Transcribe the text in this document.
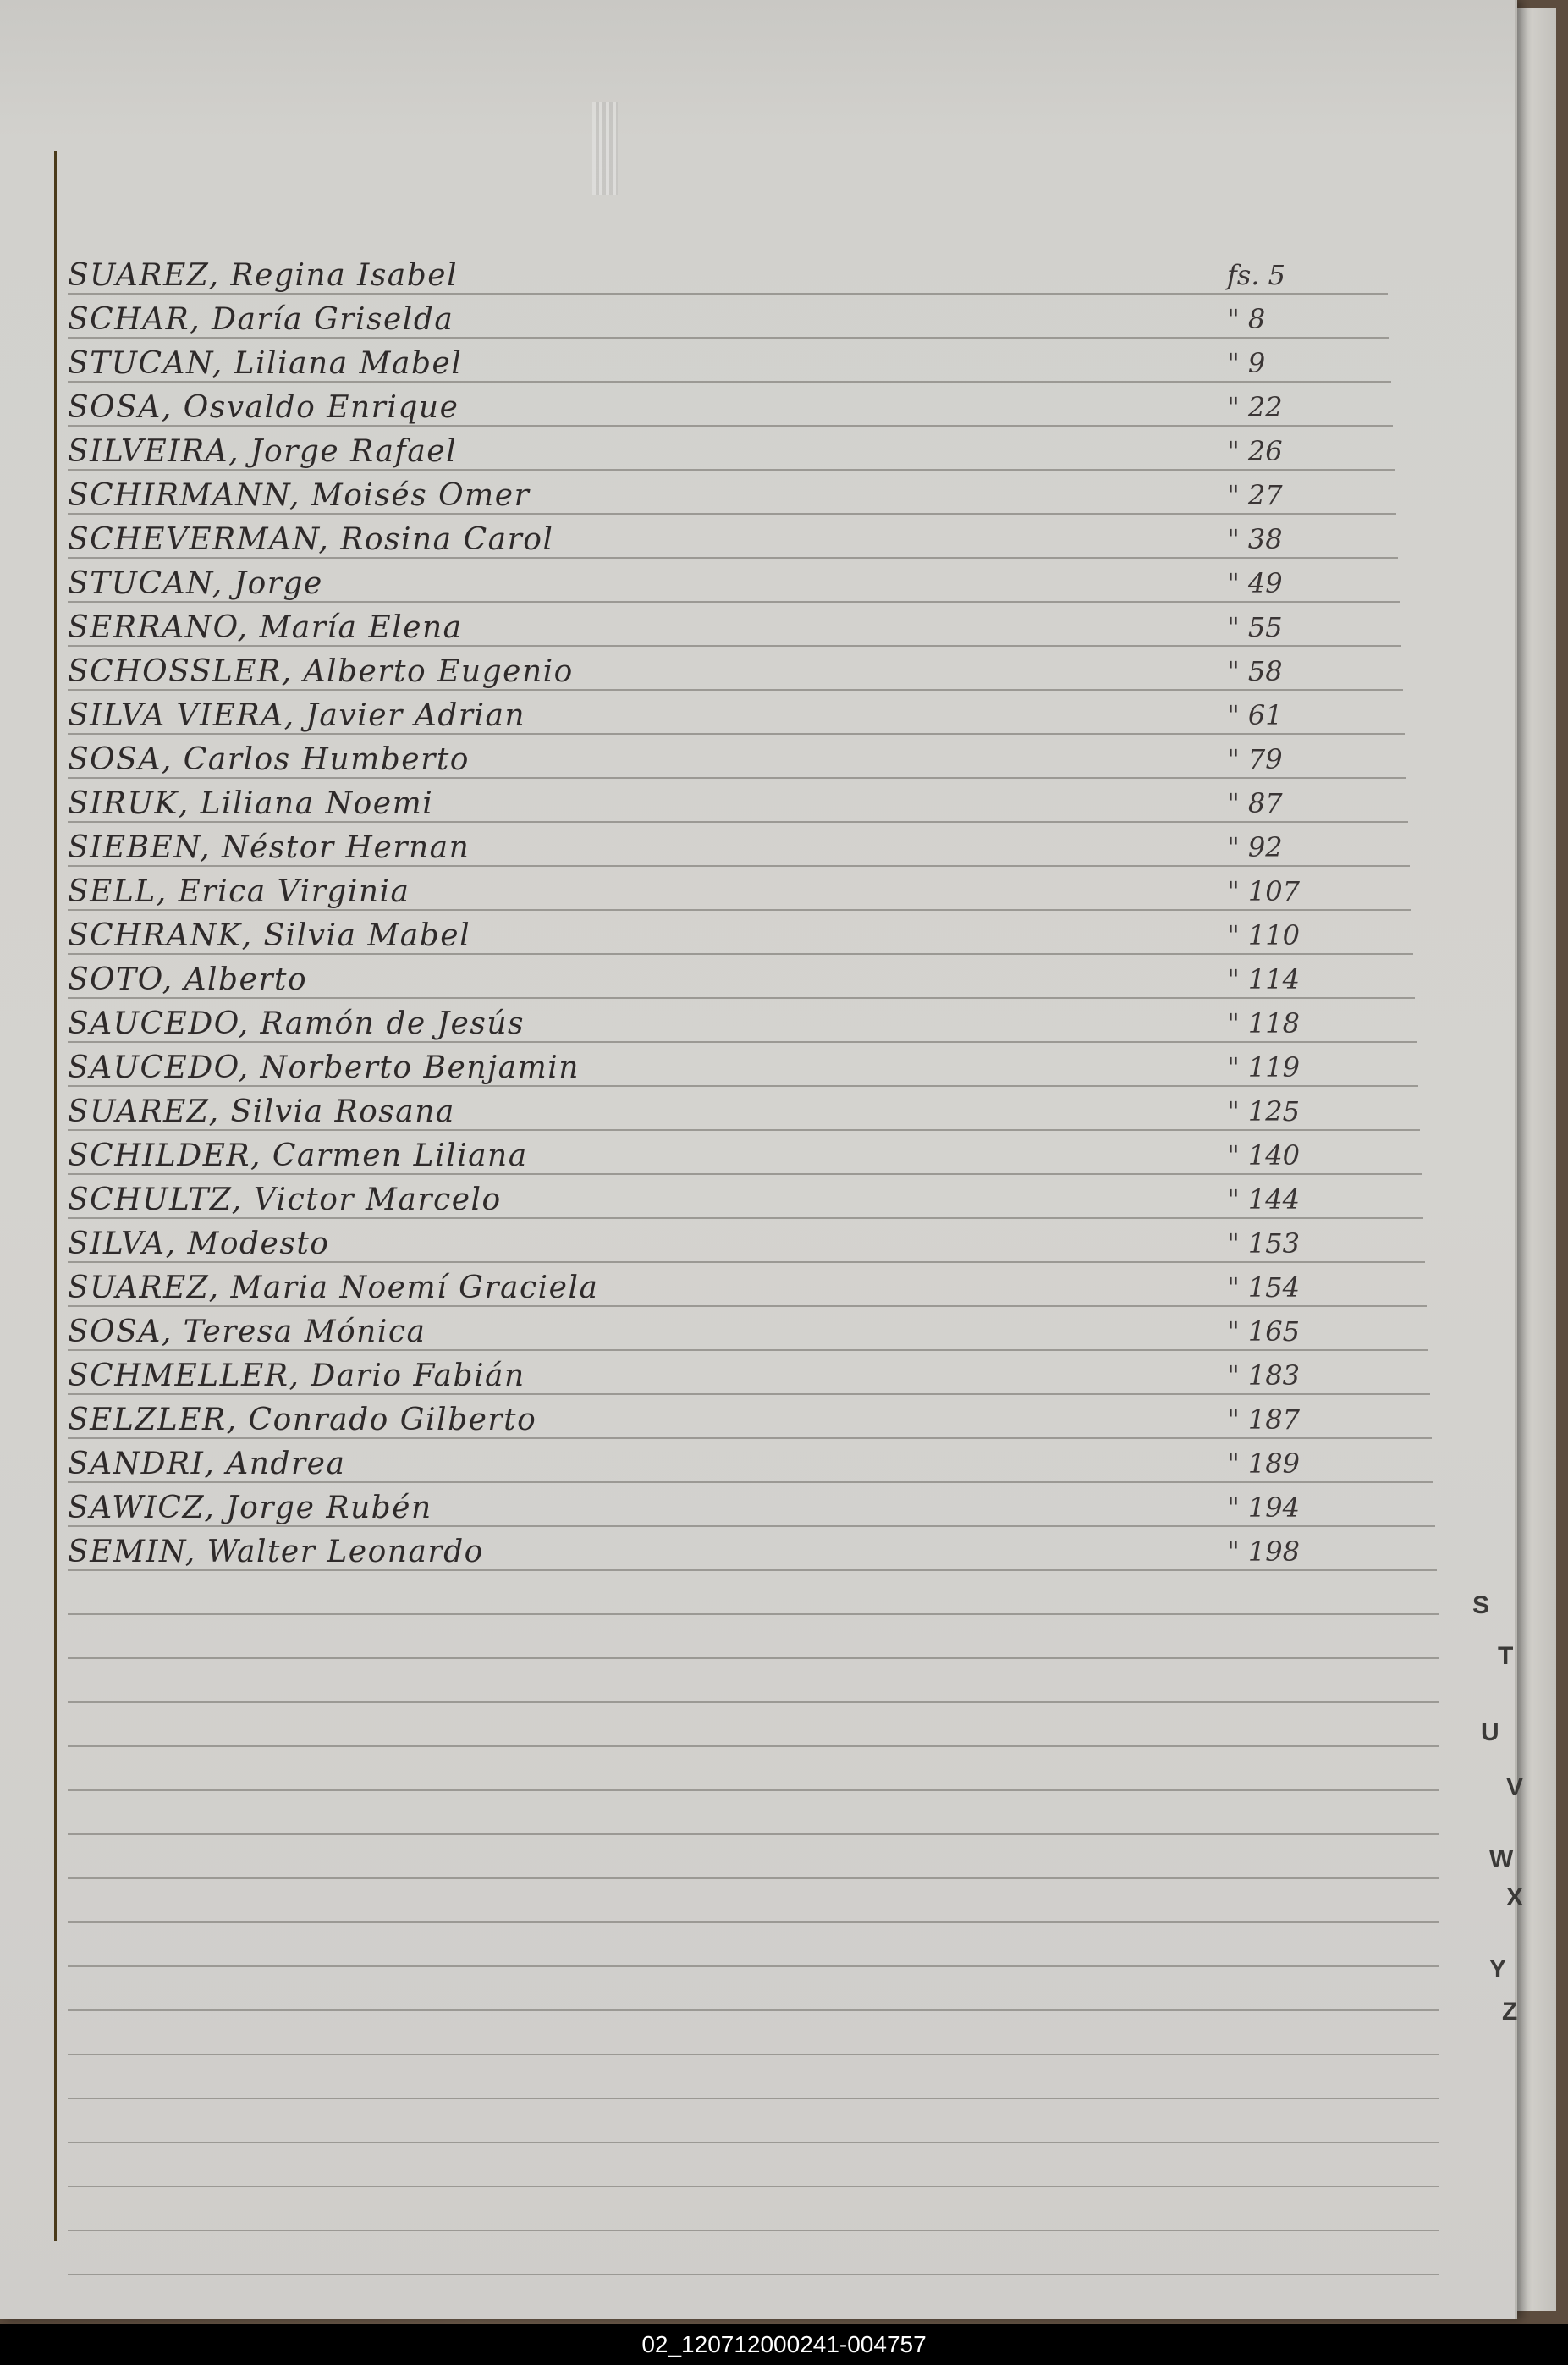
SUAREZ, Regina Isabel	fs. 5
SCHAR, Daría Griselda	" 8
STUCAN, Liliana Mabel	" 9
SOSA, Osvaldo Enrique	" 22
SILVEIRA, Jorge Rafael	" 26
SCHIRMANN, Moisés Omer	" 27
SCHEVERMAN, Rosina Carol	" 38
STUCAN, Jorge	" 49
SERRANO, María Elena	" 55
SCHOSSLER, Alberto Eugenio	" 58
SILVA VIERA, Javier Adrian	" 61
SOSA, Carlos Humberto	" 79
SIRUK, Liliana Noemi	" 87
SIEBEN, Néstor Hernan	" 92
SELL, Erica Virginia	" 107
SCHRANK, Silvia Mabel	" 110
SOTO, Alberto	" 114
SAUCEDO, Ramón de Jesús	" 118
SAUCEDO, Norberto Benjamin	" 119
SUAREZ, Silvia Rosana	" 125
SCHILDER, Carmen Liliana	" 140
SCHULTZ, Victor Marcelo	" 144
SILVA, Modesto	" 153
SUAREZ, Maria Noemí Graciela	" 154
SOSA, Teresa Mónica	" 165
SCHMELLER, Dario Fabián	" 183
SELZLER, Conrado Gilberto	" 187
SANDRI, Andrea	" 189
SAWICZ, Jorge Rubén	" 194
SEMIN, Walter Leonardo	" 198
S
T
U
V
W
X
Y
Z
02_120712000241-004757
